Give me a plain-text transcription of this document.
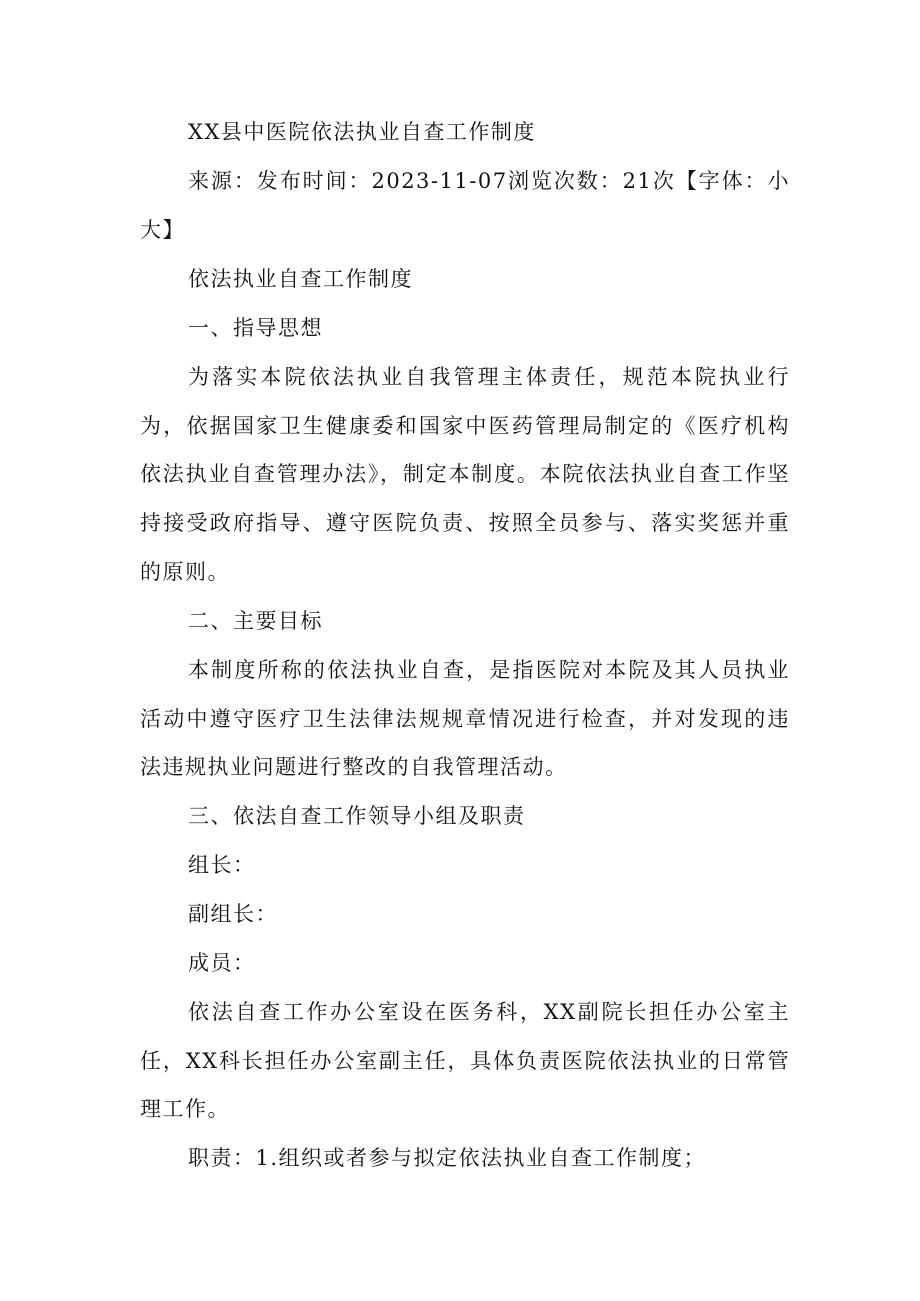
XX县中医院依法执业自查工作制度
来源：发布时间：2023-11-07浏览次数：21次【字体：小大】
依法执业自查工作制度
一、指导思想
为落实本院依法执业自我管理主体责任，规范本院执业行为，依据国家卫生健康委和国家中医药管理局制定的《医疗机构依法执业自查管理办法》，制定本制度。本院依法执业自查工作坚持接受政府指导、遵守医院负责、按照全员参与、落实奖惩并重的原则。
二、主要目标
本制度所称的依法执业自查，是指医院对本院及其人员执业活动中遵守医疗卫生法律法规规章情况进行检查，并对发现的违法违规执业问题进行整改的自我管理活动。
三、依法自查工作领导小组及职责
组长：
副组长：
成员：
依法自查工作办公室设在医务科，XX副院长担任办公室主任，XX科长担任办公室副主任，具体负责医院依法执业的日常管理工作。
职责：1.组织或者参与拟定依法执业自查工作制度；
